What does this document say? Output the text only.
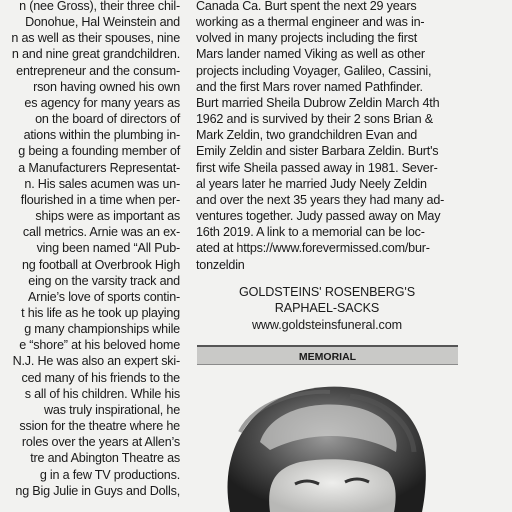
n (nee Gross), their three chil-
Donohue, Hal Weinstein and
n as well as their spouses, nine
n and nine great grandchildren.
entrepreneur and the consum-
rson having owned his own
es agency for many years as
on the board of directors of
ations within the plumbing in-
g being a founding member of
a Manufacturers Representat-
n. His sales acumen was un-
flourished in a time when per-
ships were as important as
call metrics. Arnie was an ex-
ving been named “All Pub-
ng football at Overbrook High
eing on the varsity track and
Arnie’s love of sports contin-
t his life as he took up playing
g many championships while
e “shore” at his beloved home
N.J. He was also an expert ski-
ced many of his friends to the
s all of his children. While his
was truly inspirational, he
ssion for the theatre where he
roles over the years at Allen’s
tre and Abington Theatre as
g in a few TV productions.
ng Big Julie in Guys and Dolls,
Canada Ca. Burt spent the next 29 years
working as a thermal engineer and was in-
volved in many projects including the first
Mars lander named Viking as well as other
projects including Voyager, Galileo, Cassini,
and the first Mars rover named Pathfinder.
Burt married Sheila Dubrow Zeldin March 4th
1962 and is survived by their 2 sons Brian &
Mark Zeldin, two grandchildren Evan and
Emily Zeldin and sister Barbara Zeldin. Burt's
first wife Sheila passed away in 1981. Sever-
al years later he married Judy Neely Zeldin
and over the next 35 years they had many ad-
ventures together. Judy passed away on May
16th 2019. A link to a memorial can be loc-
ated at https://www.forevermissed.com/bur-
tonzeldin
GOLDSTEINS' ROSENBERG'S
RAPHAEL-SACKS
www.goldsteinsfuneral.com
MEMORIAL
